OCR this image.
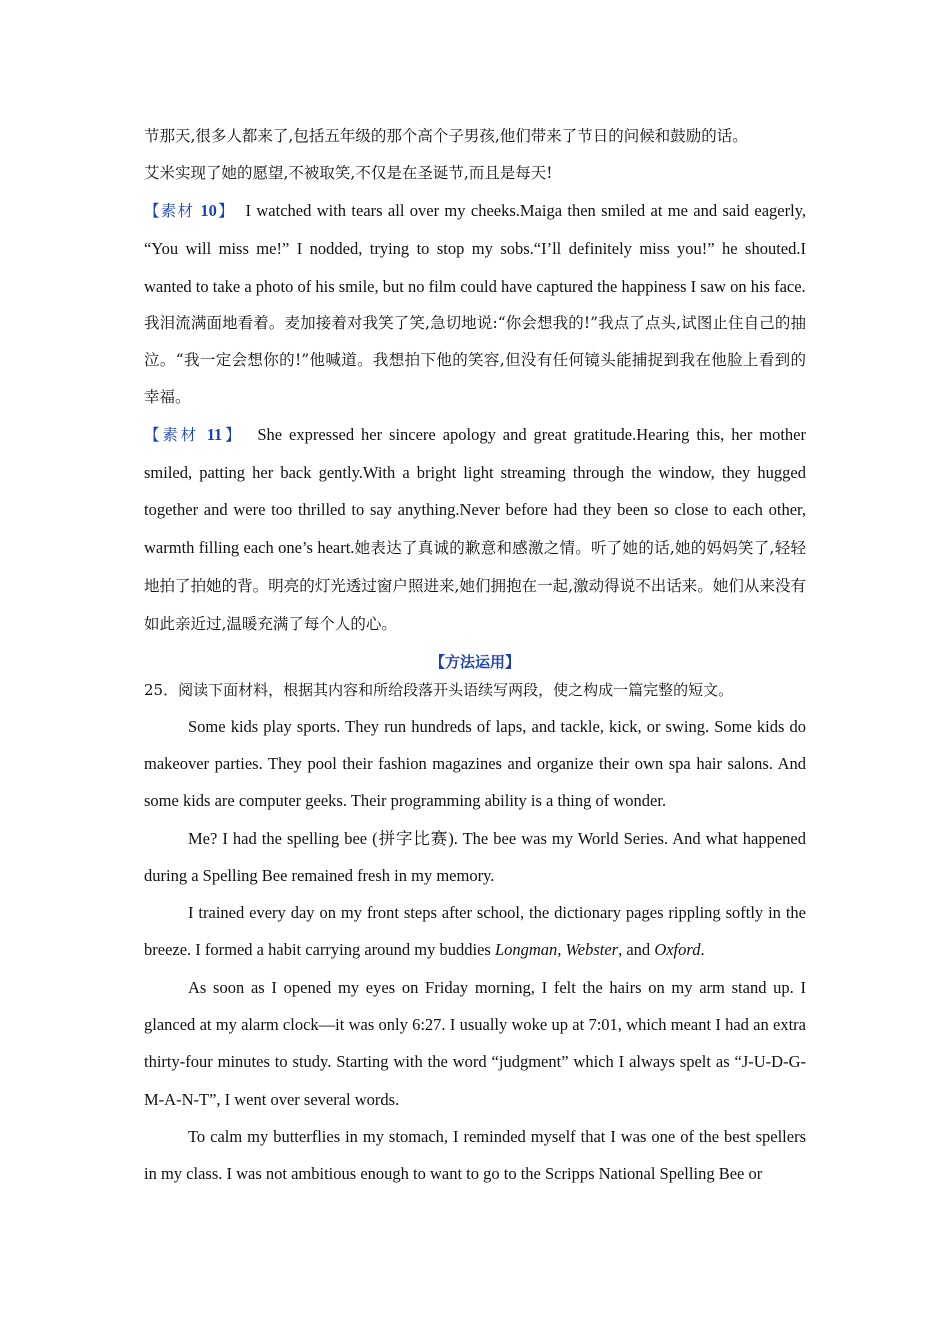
节那天,很多人都来了,包括五年级的那个高个子男孩,他们带来了节日的问候和鼓励的话。

艾米实现了她的愿望,不被取笑,不仅是在圣诞节,而且是每天!

【素材 10】 I watched with tears all over my cheeks.Maiga then smiled at me and said eagerly, “You will miss me!” I nodded, trying to stop my sobs.“I’ll definitely miss you!” he shouted.I wanted to take a photo of his smile, but no film could have captured the happiness I saw on his face.

我泪流满面地看着。麦加接着对我笑了笑,急切地说:“你会想我的!”我点了点头,试图止住自己的抽泣。“我一定会想你的!”他喊道。我想拍下他的笑容,但没有任何镜头能捕捉到我在他脸上看到的幸福。

【素材 11】 She expressed her sincere apology and great gratitude.Hearing this, her mother smiled, patting her back gently.With a bright light streaming through the window, they hugged together and were too thrilled to say anything.Never before had they been so close to each other, warmth filling each one’s heart.她表达了真诚的歉意和感激之情。听了她的话,她的妈妈笑了,轻轻地拍了拍她的背。明亮的灯光透过窗户照进来,她们拥抱在一起,激动得说不出话来。她们从来没有如此亲近过,温暖充满了每个人的心。

【方法运用】

25．阅读下面材料，根据其内容和所给段落开头语续写两段，使之构成一篇完整的短文。

Some kids play sports. They run hundreds of laps, and tackle, kick, or swing. Some kids do makeover parties. They pool their fashion magazines and organize their own spa hair salons. And some kids are computer geeks. Their programming ability is a thing of wonder.

Me? I had the spelling bee (拼字比赛). The bee was my World Series. And what happened during a Spelling Bee remained fresh in my memory.

I trained every day on my front steps after school, the dictionary pages rippling softly in the breeze. I formed a habit carrying around my buddies Longman, Webster, and Oxford.

As soon as I opened my eyes on Friday morning, I felt the hairs on my arm stand up. I glanced at my alarm clock—it was only 6:27. I usually woke up at 7:01, which meant I had an extra thirty-four minutes to study. Starting with the word “judgment” which I always spelt as “J-U-D-G-M-A-N-T”, I went over several words.

To calm my butterflies in my stomach, I reminded myself that I was one of the best spellers in my class. I was not ambitious enough to want to go to the Scripps National Spelling Bee or
